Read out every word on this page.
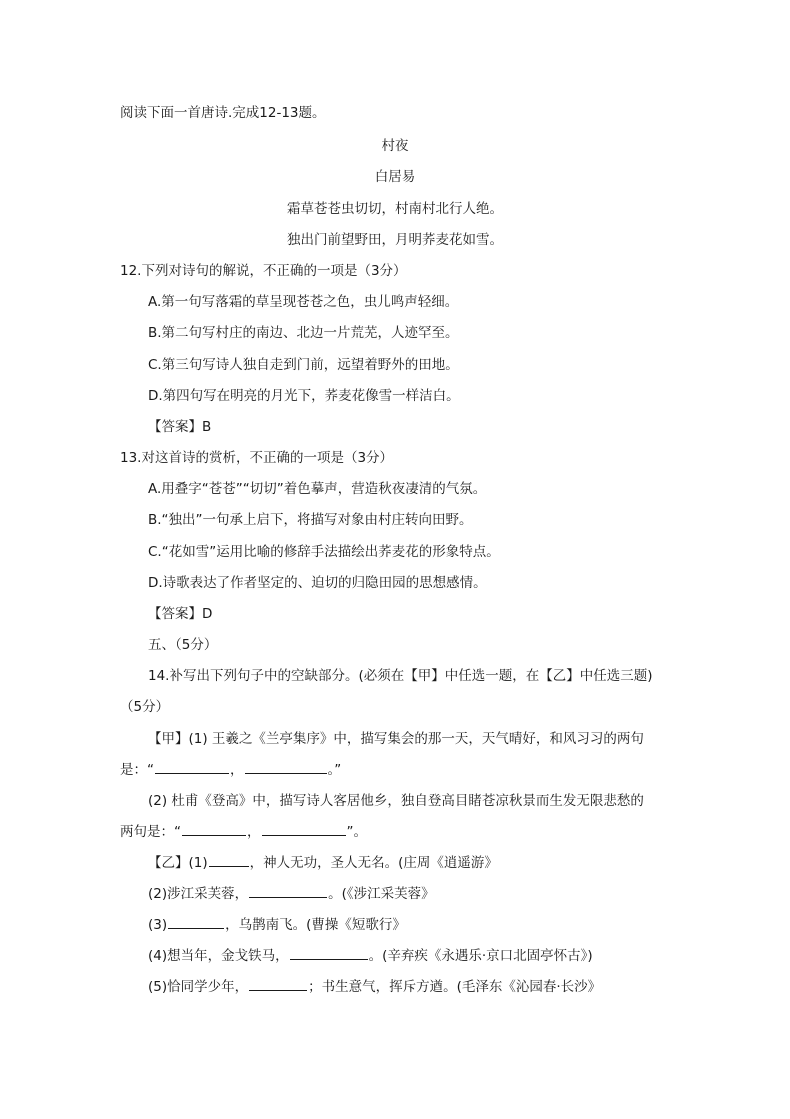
阅读下面一首唐诗.完成12-13题。
村夜
白居易
霜草苍苍虫切切，村南村北行人绝。
独出门前望野田，月明荞麦花如雪。
12.下列对诗句的解说，不正确的一项是（3分）
A.第一句写落霜的草呈现苍苍之色，虫儿鸣声轻细。
B.第二句写村庄的南边、北边一片荒芜，人迹罕至。
C.第三句写诗人独自走到门前，远望着野外的田地。
D.第四句写在明亮的月光下，荞麦花像雪一样洁白。
【答案】B
13.对这首诗的赏析，不正确的一项是（3分）
A.用叠字“苍苍”“切切”着色摹声，营造秋夜凄清的气氛。
B.“独出”一句承上启下，将描写对象由村庄转向田野。
C.“花如雪”运用比喻的修辞手法描绘出荞麦花的形象特点。
D.诗歌表达了作者坚定的、迫切的归隐田园的思想感情。
【答案】D
五、（5分）
14.补写出下列句子中的空缺部分。(必须在【甲】中任选一题，在【乙】中任选三题)
（5分）
【甲】(1) 王羲之《兰亭集序》中，描写集会的那一天，天气晴好，和风习习的两句
是：“	，	。”
(2) 杜甫《登高》中，描写诗人客居他乡，独自登高目睹苍凉秋景而生发无限悲愁的
两句是：“	，	”。
【乙】(1)	，神人无功，圣人无名。(庄周《逍遥游》
(2)涉江采芙蓉，	。(《涉江采芙蓉》
(3)	，乌鹊南飞。(曹操《短歌行》
(4)想当年，金戈铁马，	。(辛弃疾《永遇乐·京口北固亭怀古》)
(5)恰同学少年，	；书生意气，挥斥方遒。(毛泽东《沁园春·长沙》
